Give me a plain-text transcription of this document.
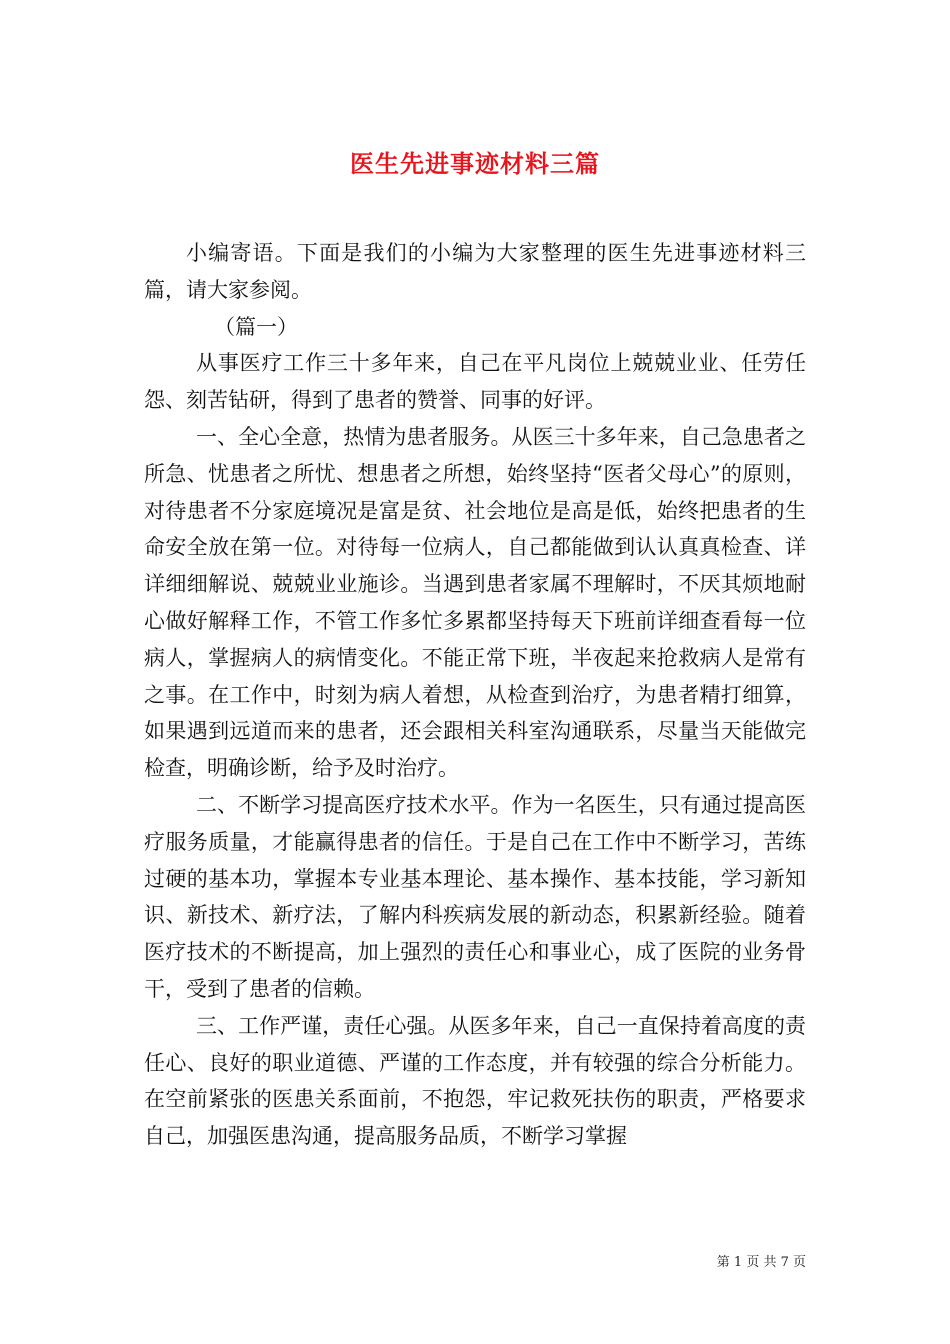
医生先进事迹材料三篇

小编寄语。下面是我们的小编为大家整理的医生先进事迹材料三篇，请大家参阅。

（篇一）

从事医疗工作三十多年来，自己在平凡岗位上兢兢业业、任劳任怨、刻苦钻研，得到了患者的赞誉、同事的好评。

一、全心全意，热情为患者服务。从医三十多年来，自己急患者之所急、忧患者之所忧、想患者之所想，始终坚持“医者父母心”的原则，对待患者不分家庭境况是富是贫、社会地位是高是低，始终把患者的生命安全放在第一位。对待每一位病人，自己都能做到认认真真检查、详详细细解说、兢兢业业施诊。当遇到患者家属不理解时，不厌其烦地耐心做好解释工作，不管工作多忙多累都坚持每天下班前详细查看每一位病人，掌握病人的病情变化。不能正常下班，半夜起来抢救病人是常有之事。在工作中，时刻为病人着想，从检查到治疗，为患者精打细算，如果遇到远道而来的患者，还会跟相关科室沟通联系，尽量当天能做完检查，明确诊断，给予及时治疗。

二、不断学习提高医疗技术水平。作为一名医生，只有通过提高医疗服务质量，才能赢得患者的信任。于是自己在工作中不断学习，苦练过硬的基本功，掌握本专业基本理论、基本操作、基本技能，学习新知识、新技术、新疗法，了解内科疾病发展的新动态，积累新经验。随着医疗技术的不断提高，加上强烈的责任心和事业心，成了医院的业务骨干，受到了患者的信赖。

三、工作严谨，责任心强。从医多年来，自己一直保持着高度的责任心、良好的职业道德、严谨的工作态度，并有较强的综合分析能力。在空前紧张的医患关系面前，不抱怨，牢记救死扶伤的职责，严格要求自己，加强医患沟通，提高服务品质，不断学习掌握

第 1 页 共 7 页
